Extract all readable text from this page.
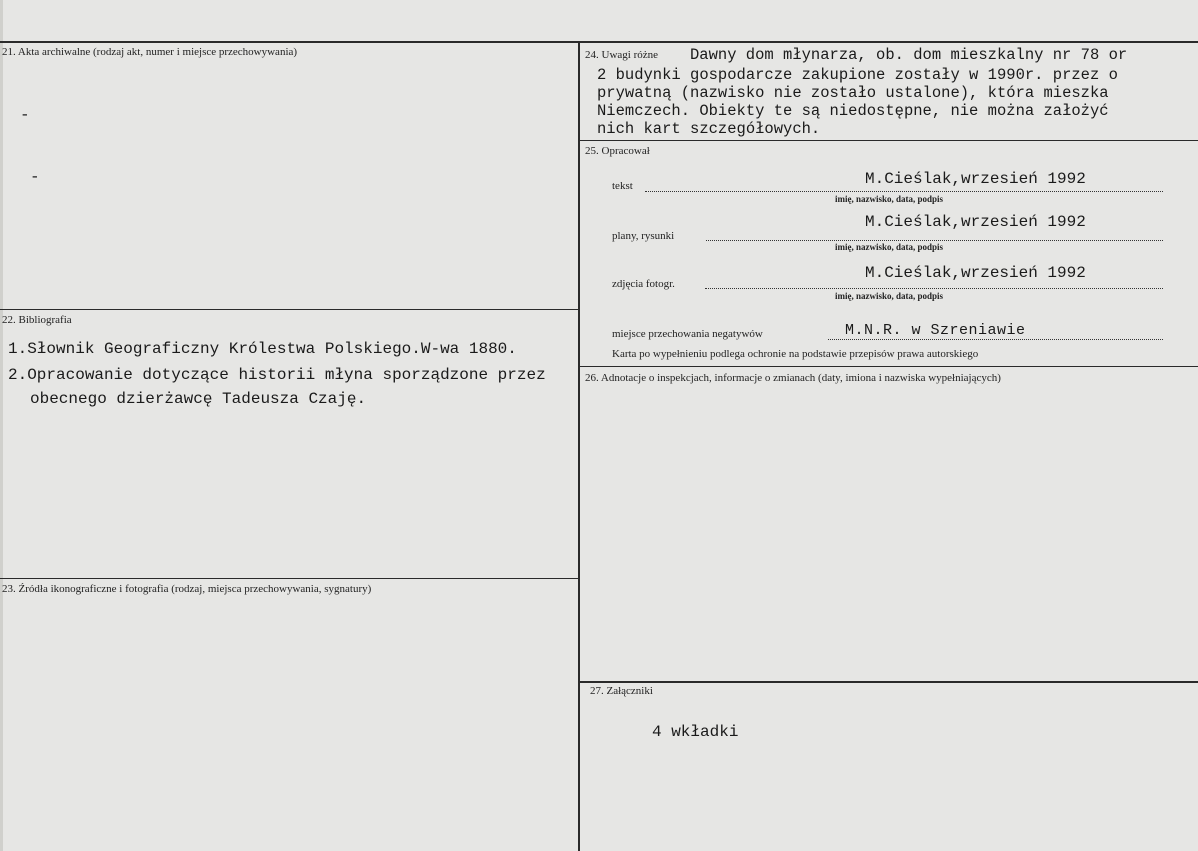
21. Akta archiwalne (rodzaj akt, numer i miejsce przechowywania)
-
-
22. Bibliografia
1.Słownik Geograficzny Królestwa Polskiego.W-wa 1880.
2.Opracowanie dotyczące historii młyna sporządzone przez
obecnego dzierżawcę Tadeusza Czaję.
23. Źródła ikonograficzne i fotografia (rodzaj, miejsca przechowywania, sygnatury)
24. Uwagi różne Dawny dom młynarza, ob. dom mieszkalny nr 78 or
2 budynki gospodarcze zakupione zostały w 1990r. przez o
prywatną (nazwisko nie zostało ustalone), która mieszka
Niemczech. Obiekty te są niedostępne, nie można założyć
nich kart szczegółowych.
25. Opracował
tekst	M.Cieślak,wrzesień 1992
imię, nazwisko, data, podpis
plany, rysunki
M.Cieślak,wrzesień 1992
imię, nazwisko, data, podpis
zdjęcia fotogr.
M.Cieślak,wrzesień 1992
imię, nazwisko, data, podpis
miejsce przechowania negatywów	M.N.R. w Szreniawie
Karta po wypełnieniu podlega ochronie na podstawie przepisów prawa autorskiego
26. Adnotacje o inspekcjach, informacje o zmianach (daty, imiona i nazwiska wypełniających)
27. Załączniki
4 wkładki
